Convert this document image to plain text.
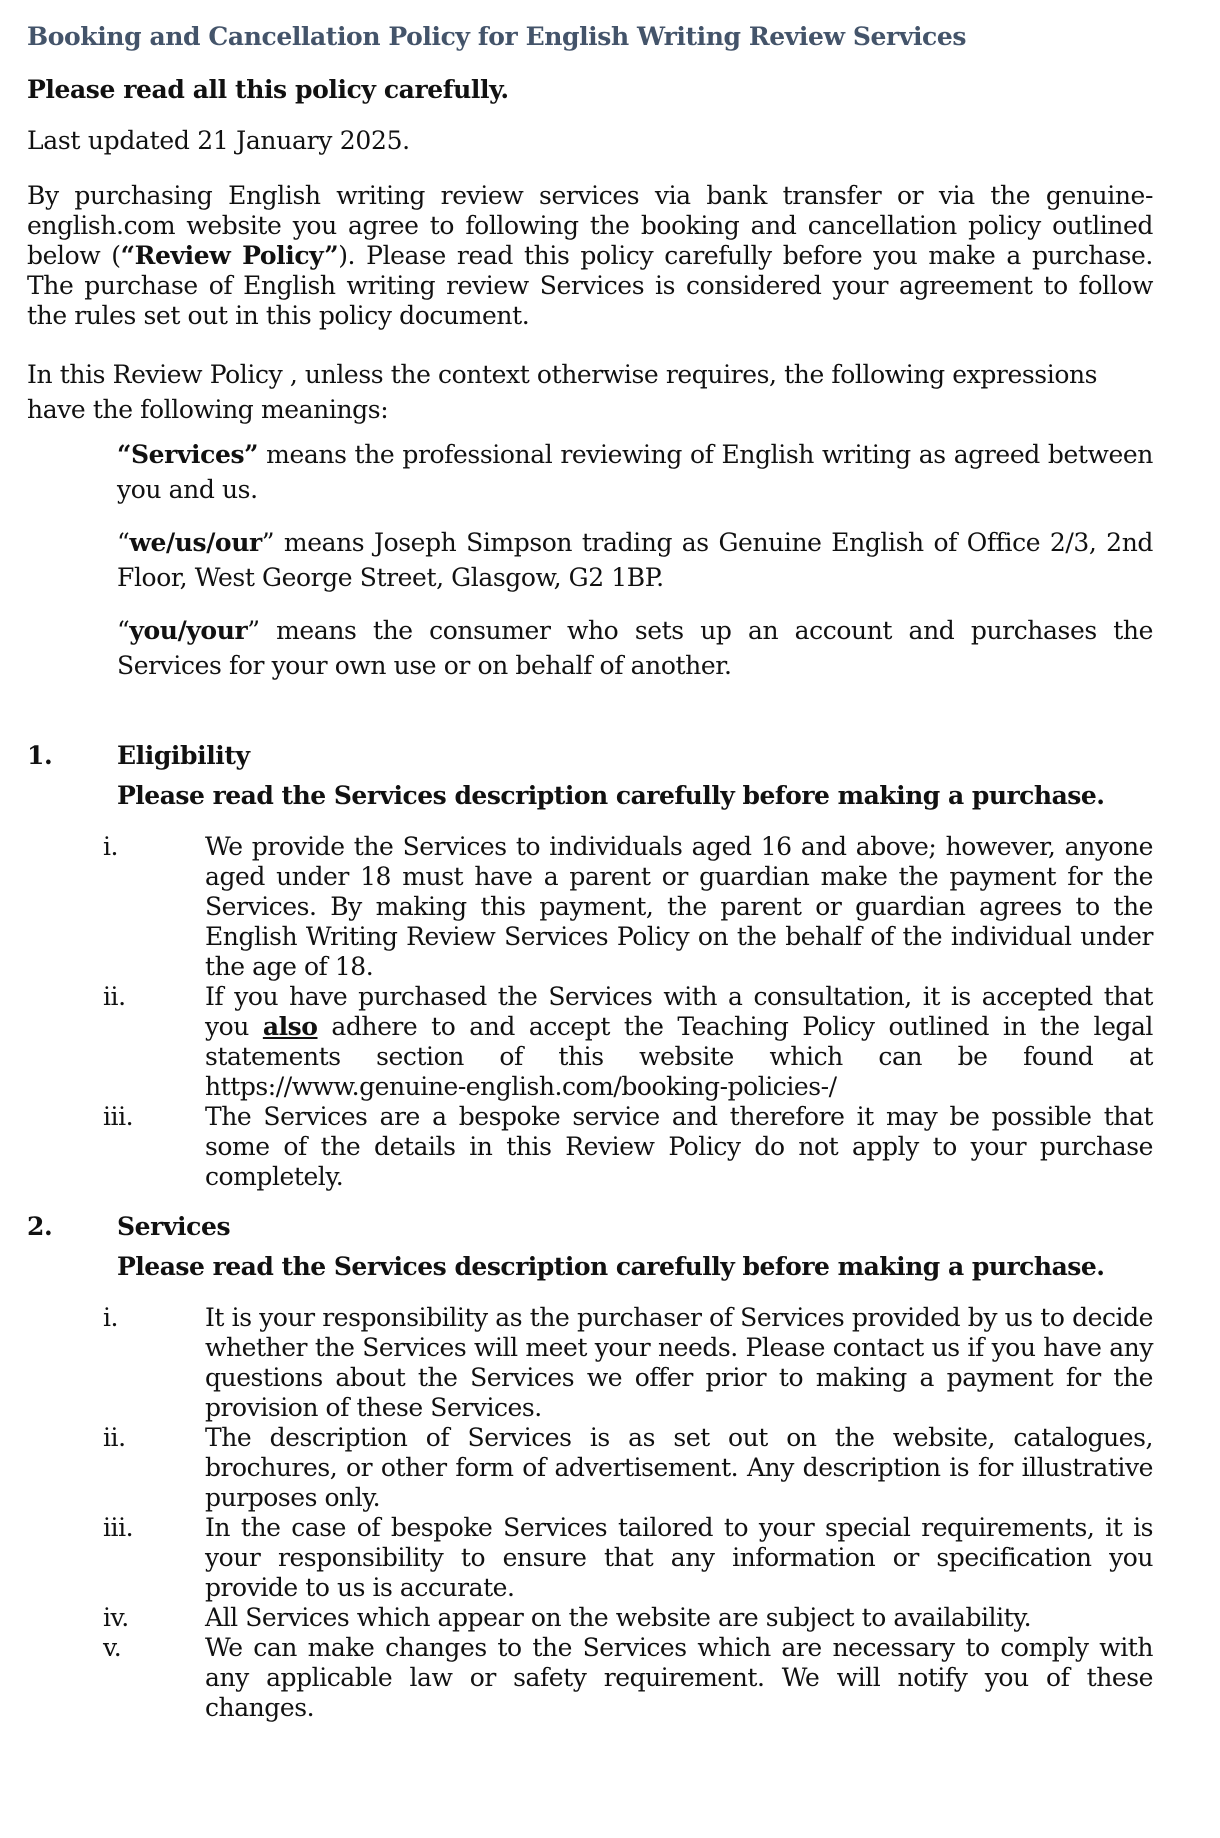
Booking and Cancellation Policy for English Writing Review Services
Please read all this policy carefully.
Last updated 21 January 2025.
By purchasing English writing review services via bank transfer or via the genuine-english.com website you agree to following the booking and cancellation policy outlined below (“Review Policy”). Please read this policy carefully before you make a purchase. The purchase of English writing review Services is considered your agreement to follow the rules set out in this policy document.
In this Review Policy , unless the context otherwise requires, the following expressions have the following meanings:
“Services” means the professional reviewing of English writing as agreed between you and us.
“we/us/our” means Joseph Simpson trading as Genuine English of Office 2/3, 2nd Floor, West George Street, Glasgow, G2 1BP.
“you/your” means the consumer who sets up an account and purchases the Services for your own use or on behalf of another.
1.	Eligibility
Please read the Services description carefully before making a purchase.
i.	We provide the Services to individuals aged 16 and above; however, anyone aged under 18 must have a parent or guardian make the payment for the Services. By making this payment, the parent or guardian agrees to the English Writing Review Services Policy on the behalf of the individual under the age of 18.
ii.	If you have purchased the Services with a consultation, it is accepted that you also adhere to and accept the Teaching Policy outlined in the legal statements section of this website which can be found at https://www.genuine-english.com/booking-policies-/
iii.	The Services are a bespoke service and therefore it may be possible that some of the details in this Review Policy do not apply to your purchase completely.
2.	Services
Please read the Services description carefully before making a purchase.
i.	It is your responsibility as the purchaser of Services provided by us to decide whether the Services will meet your needs. Please contact us if you have any questions about the Services we offer prior to making a payment for the provision of these Services.
ii.	The description of Services is as set out on the website, catalogues, brochures, or other form of advertisement. Any description is for illustrative purposes only.
iii.	In the case of bespoke Services tailored to your special requirements, it is your responsibility to ensure that any information or specification you provide to us is accurate.
iv.	All Services which appear on the website are subject to availability.
v.	We can make changes to the Services which are necessary to comply with any applicable law or safety requirement. We will notify you of these changes.
